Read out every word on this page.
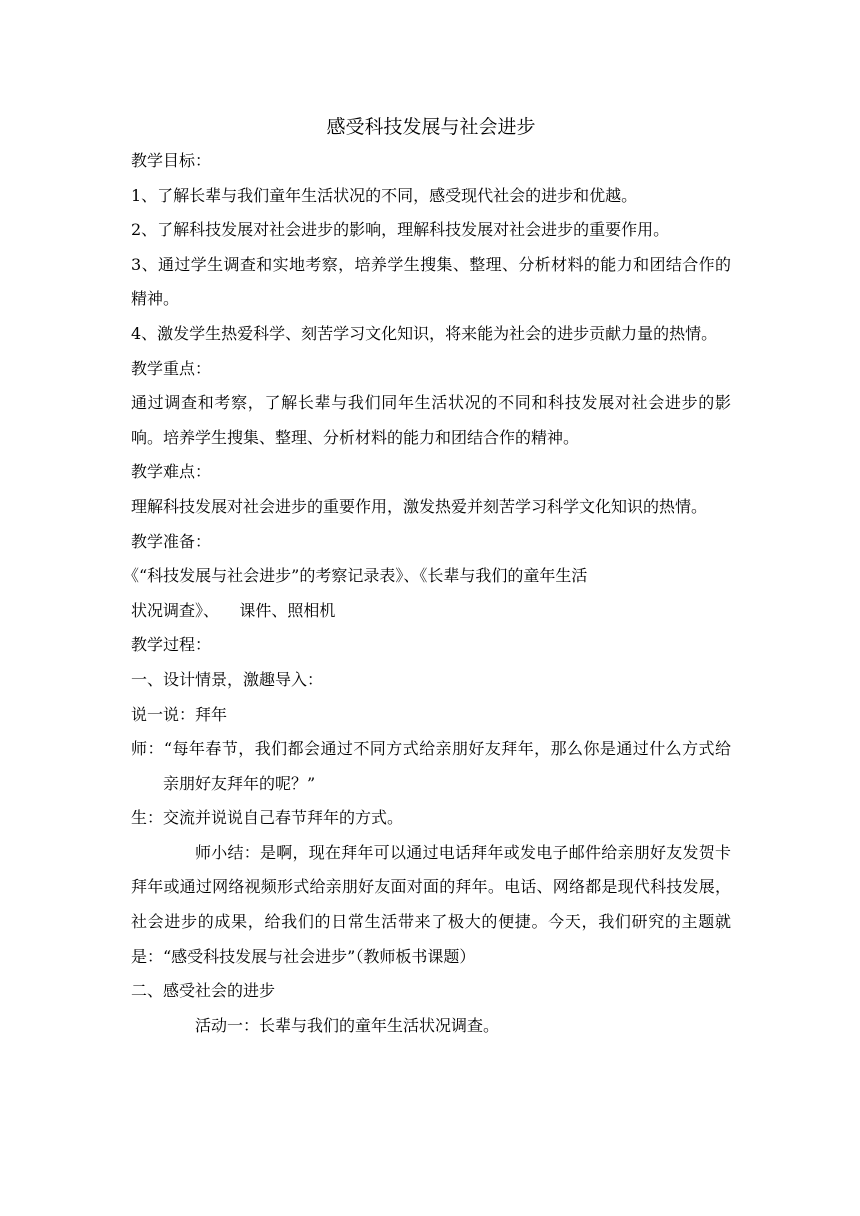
感受科技发展与社会进步

教学目标：

1、了解长辈与我们童年生活状况的不同，感受现代社会的进步和优越。

2、了解科技发展对社会进步的影响，理解科技发展对社会进步的重要作用。

3、通过学生调查和实地考察，培养学生搜集、整理、分析材料的能力和团结合作的精神。

4、激发学生热爱科学、刻苦学习文化知识，将来能为社会的进步贡献力量的热情。

教学重点：

通过调查和考察，了解长辈与我们同年生活状况的不同和科技发展对社会进步的影响。培养学生搜集、整理、分析材料的能力和团结合作的精神。

教学难点：

理解科技发展对社会进步的重要作用，激发热爱并刻苦学习科学文化知识的热情。

教学准备：

《“科技发展与社会进步”的考察记录表》、《长辈与我们的童年生活

状况调查》、    课件、照相机

教学过程：

一、设计情景，激趣导入：

说一说：拜年

师：“每年春节，我们都会通过不同方式给亲朋好友拜年，那么你是通过什么方式给亲朋好友拜年的呢？”

生：交流并说说自己春节拜年的方式。

师小结：是啊，现在拜年可以通过电话拜年或发电子邮件给亲朋好友发贺卡拜年或通过网络视频形式给亲朋好友面对面的拜年。电话、网络都是现代科技发展，社会进步的成果，给我们的日常生活带来了极大的便捷。今天，我们研究的主题就是：“感受科技发展与社会进步”（教师板书课题）

二、感受社会的进步

活动一：长辈与我们的童年生活状况调查。
